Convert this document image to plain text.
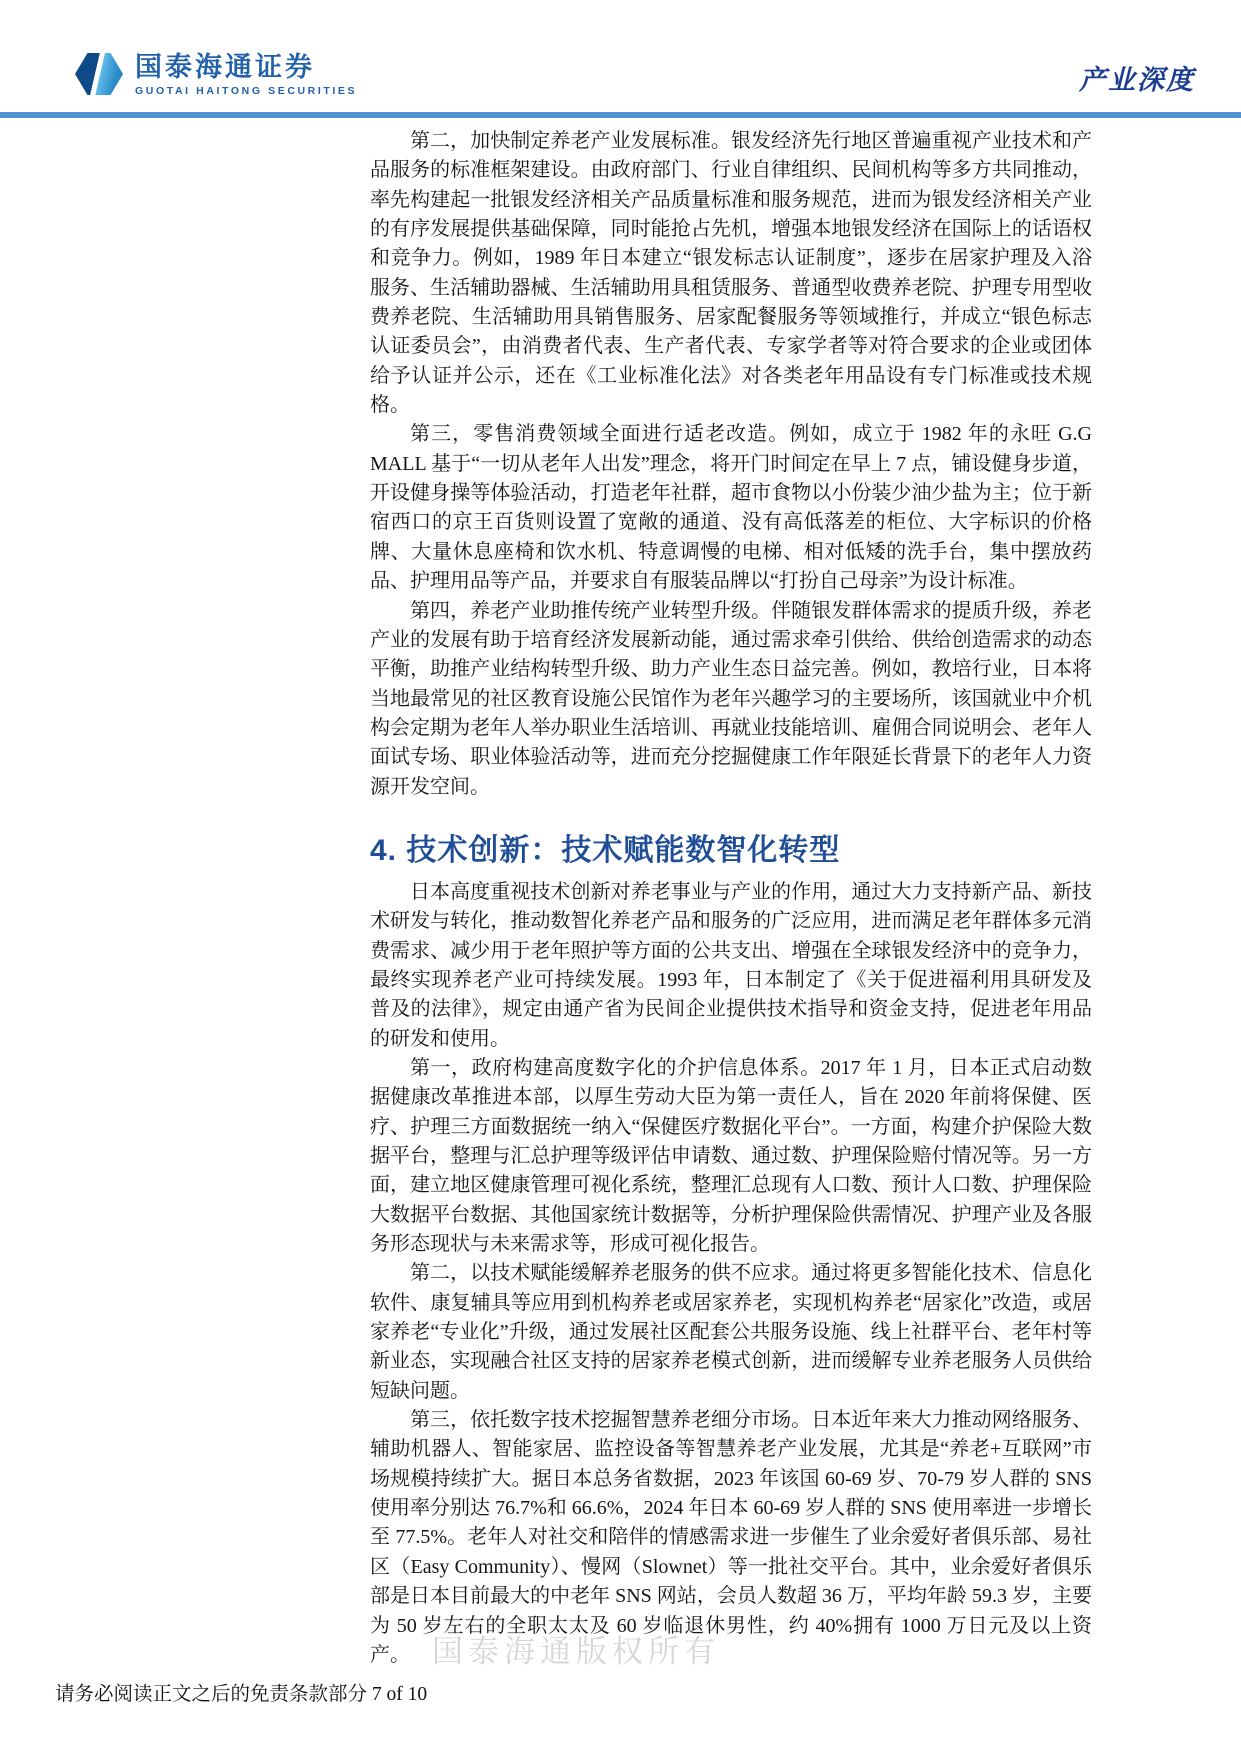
国泰海通证券
GUOTAI HAITONG SECURITIES	产业深度

第二，加快制定养老产业发展标准。银发经济先行地区普遍重视产业技术和产品服务的标准框架建设。由政府部门、行业自律组织、民间机构等多方共同推动，率先构建起一批银发经济相关产品质量标准和服务规范，进而为银发经济相关产业的有序发展提供基础保障，同时能抢占先机，增强本地银发经济在国际上的话语权和竞争力。例如，1989 年日本建立“银发标志认证制度”，逐步在居家护理及入浴服务、生活辅助器械、生活辅助用具租赁服务、普通型收费养老院、护理专用型收费养老院、生活辅助用具销售服务、居家配餐服务等领域推行，并成立“银色标志认证委员会”，由消费者代表、生产者代表、专家学者等对符合要求的企业或团体给予认证并公示，还在《工业标准化法》对各类老年用品设有专门标准或技术规格。

第三，零售消费领域全面进行适老改造。例如，成立于 1982 年的永旺 G.G MALL 基于“一切从老年人出发”理念，将开门时间定在早上 7 点，铺设健身步道，开设健身操等体验活动，打造老年社群，超市食物以小份装少油少盐为主；位于新宿西口的京王百货则设置了宽敞的通道、没有高低落差的柜位、大字标识的价格牌、大量休息座椅和饮水机、特意调慢的电梯、相对低矮的洗手台，集中摆放药品、护理用品等产品，并要求自有服装品牌以“打扮自己母亲”为设计标准。

第四，养老产业助推传统产业转型升级。伴随银发群体需求的提质升级，养老产业的发展有助于培育经济发展新动能，通过需求牵引供给、供给创造需求的动态平衡，助推产业结构转型升级、助力产业生态日益完善。例如，教培行业，日本将当地最常见的社区教育设施公民馆作为老年兴趣学习的主要场所，该国就业中介机构会定期为老年人举办职业生活培训、再就业技能培训、雇佣合同说明会、老年人面试专场、职业体验活动等，进而充分挖掘健康工作年限延长背景下的老年人力资源开发空间。

4. 技术创新：技术赋能数智化转型

日本高度重视技术创新对养老事业与产业的作用，通过大力支持新产品、新技术研发与转化，推动数智化养老产品和服务的广泛应用，进而满足老年群体多元消费需求、减少用于老年照护等方面的公共支出、增强在全球银发经济中的竞争力，最终实现养老产业可持续发展。1993 年，日本制定了《关于促进福利用具研发及普及的法律》，规定由通产省为民间企业提供技术指导和资金支持，促进老年用品的研发和使用。

第一，政府构建高度数字化的介护信息体系。2017 年 1 月，日本正式启动数据健康改革推进本部，以厚生劳动大臣为第一责任人，旨在 2020 年前将保健、医疗、护理三方面数据统一纳入“保健医疗数据化平台”。一方面，构建介护保险大数据平台，整理与汇总护理等级评估申请数、通过数、护理保险赔付情况等。另一方面，建立地区健康管理可视化系统，整理汇总现有人口数、预计人口数、护理保险大数据平台数据、其他国家统计数据等，分析护理保险供需情况、护理产业及各服务形态现状与未来需求等，形成可视化报告。

第二，以技术赋能缓解养老服务的供不应求。通过将更多智能化技术、信息化软件、康复辅具等应用到机构养老或居家养老，实现机构养老“居家化”改造，或居家养老“专业化”升级，通过发展社区配套公共服务设施、线上社群平台、老年村等新业态，实现融合社区支持的居家养老模式创新，进而缓解专业养老服务人员供给短缺问题。

第三，依托数字技术挖掘智慧养老细分市场。日本近年来大力推动网络服务、辅助机器人、智能家居、监控设备等智慧养老产业发展，尤其是“养老+互联网”市场规模持续扩大。据日本总务省数据，2023 年该国 60-69 岁、70-79 岁人群的 SNS 使用率分别达 76.7%和 66.6%，2024 年日本 60-69 岁人群的 SNS 使用率进一步增长至 77.5%。老年人对社交和陪伴的情感需求进一步催生了业余爱好者俱乐部、易社区（Easy Community）、慢网（Slownet）等一批社交平台。其中，业余爱好者俱乐部是日本目前最大的中老年 SNS 网站，会员人数超 36 万，平均年龄 59.3 岁，主要为 50 岁左右的全职太太及 60 岁临退休男性，约 40%拥有 1000 万日元及以上资产。 国泰海通版权所有
请务必阅读正文之后的免责条款部分 7 of 10
